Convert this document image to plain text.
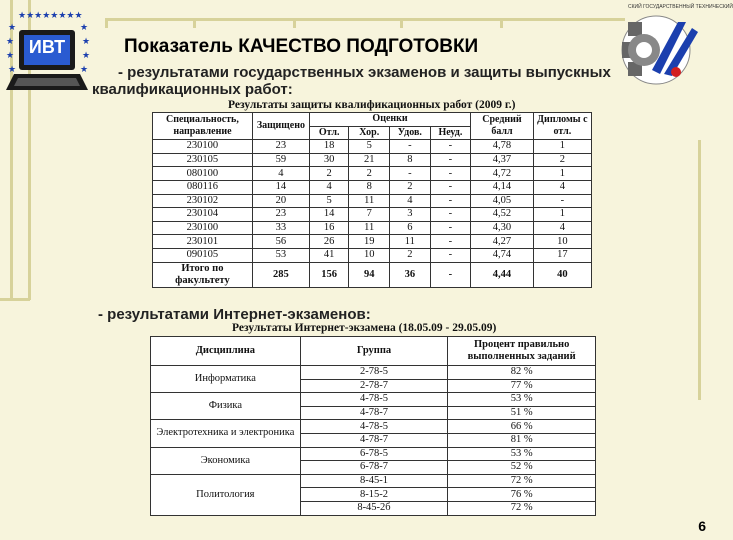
★★★★★★★★
★	★
★	★
★	★
★	★
ИВТ
СКИЙ ГОСУДАРСТВЕННЫЙ ТЕХНИЧЕСКИЙ
Показатель КАЧЕСТВО ПОДГОТОВКИ
- результатами государственных экзаменов и защиты выпускных
квалификационных работ:
Результаты защиты квалификационных работ (2009 г.)
Специальность, направление	Защищено	Оценки				Средний балл	Дипломы с отл.
		Отл.	Хор.	Удов.	Неуд.		
230100	23	18	5	-	-	4,78	1
230105	59	30	21	8	-	4,37	2
080100	4	2	2	-	-	4,72	1
080116	14	4	8	2	-	4,14	4
230102	20	5	11	4	-	4,05	-
230104	23	14	7	3	-	4,52	1
230100	33	16	11	6	-	4,30	4
230101	56	26	19	11	-	4,27	10
090105	53	41	10	2	-	4,74	17
Итого по факультету	285	156	94	36	-	4,44	40
- результатами Интернет-экзаменов:
Результаты Интернет-экзамена (18.05.09 - 29.05.09)
Дисциплина	Группа	Процент правильно выполненных заданий
Информатика	2-78-5	82 %
	2-78-7	77 %
Физика	4-78-5	53 %
	4-78-7	51 %
Электротехника и электроника	4-78-5	66 %
	4-78-7	81 %
Экономика	6-78-5	53 %
	6-78-7	52 %
Политология	8-45-1	72 %
	8-15-2	76 %
	8-45-2б	72 %
6
